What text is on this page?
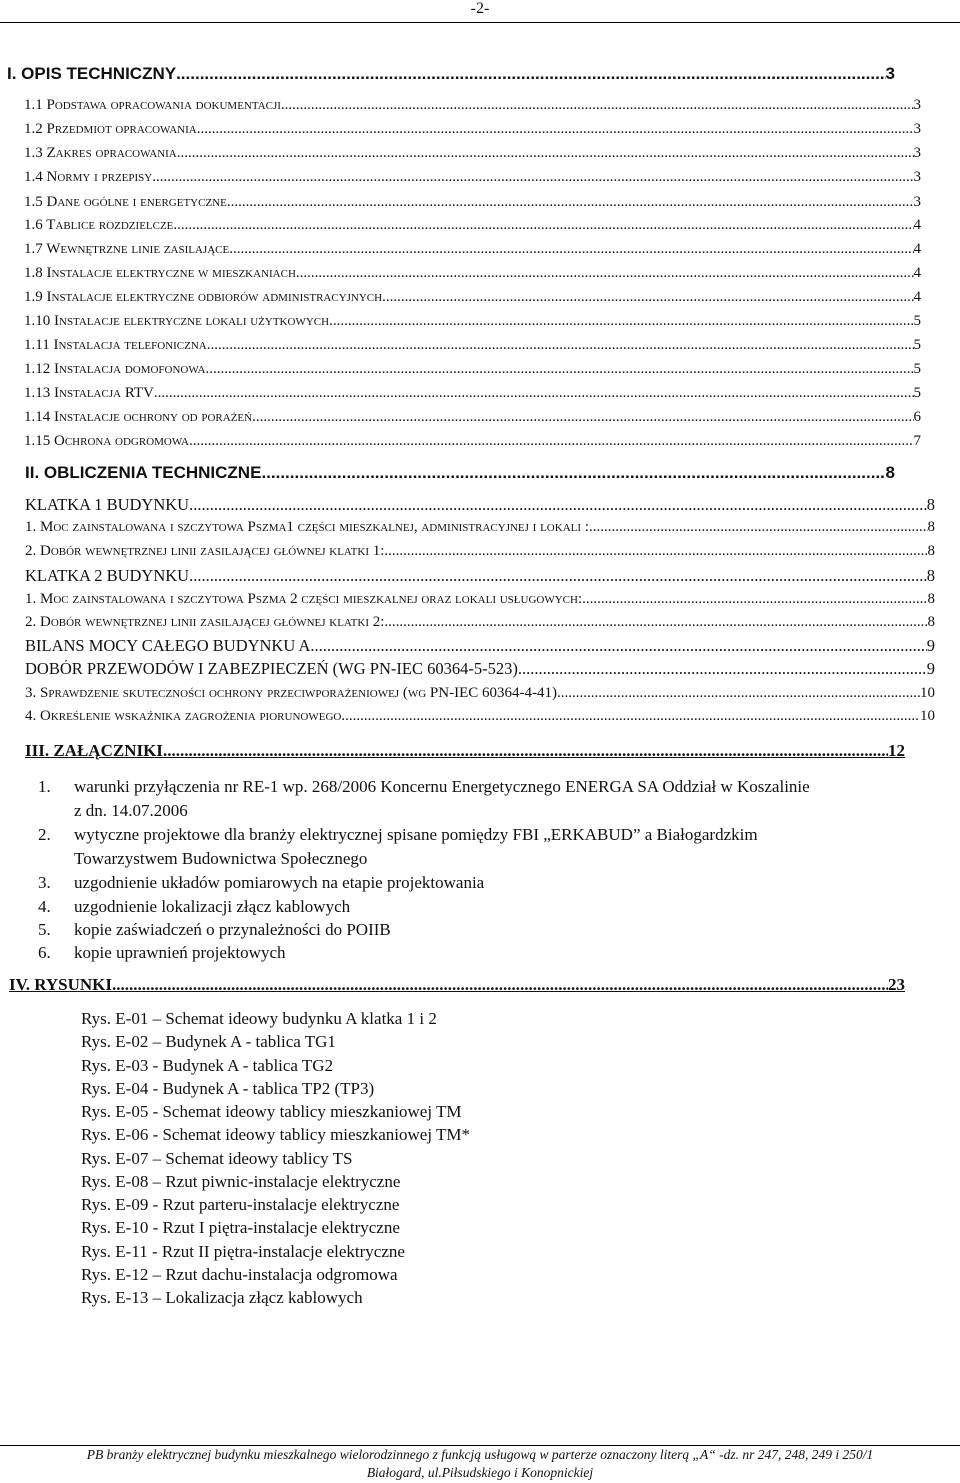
-2-
I. OPIS TECHNICZNY .....	3
1.1 Podstawa opracowania dokumentacji .....	3
1.2 Przedmiot opracowania .....	3
1.3 Zakres opracowania .....	3
1.4 Normy i przepisy .....	3
1.5 Dane ogólne i energetyczne .....	3
1.6 Tablice rozdzielcze .....	4
1.7 Wewnętrzne linie zasilające .....	4
1.8 Instalacje elektryczne w mieszkaniach .....	4
1.9 Instalacje elektryczne odbiorów administracyjnych .....	4
1.10 Instalacje elektryczne lokali użytkowych .....	5
1.11 Instalacja telefoniczna .....	5
1.12 Instalacja domofonowa .....	5
1.13 Instalacja RTV .....	5
1.14 Instalacje ochrony od porażeń .....	6
1.15 Ochrona odgromowa .....	7
II. OBLICZENIA TECHNICZNE .....	8
KLATKA 1 BUDYNKU .....	8
1. Moc zainstalowana i szczytowa Pszma1 części mieszkalnej, administracyjnej i lokali : .....	8
2. Dobór wewnętrznej linii zasilającej głównej klatki 1: .....	8
KLATKA 2 BUDYNKU .....	8
1. Moc zainstalowana i szczytowa Pszma 2 części mieszkalnej oraz lokali usługowych: .....	8
2. Dobór wewnętrznej linii zasilającej głównej klatki 2: .....	8
BILANS MOCY CAŁEGO BUDYNKU A .....	9
DOBÓR PRZEWODÓW I ZABEZPIECZEŃ (WG PN-IEC 60364-5-523) .....	9
3. Sprawdzenie skuteczności ochrony przeciwporażeniowej (wg PN-IEC 60364-4-41) .....	10
4. Określenie wskaźnika zagrożenia piorunowego .....	10
III. ZAŁĄCZNIKI .....	12
1. warunki przyłączenia nr RE-1 wp. 268/2006 Koncernu Energetycznego ENERGA SA Oddział w Koszalinie
z dn. 14.07.2006
2. wytyczne projektowe dla branży elektrycznej spisane pomiędzy FBI „ERKABUD” a Białogardzkim
Towarzystwem Budownictwa Społecznego
3. uzgodnienie układów pomiarowych na etapie projektowania
4. uzgodnienie lokalizacji złącz kablowych
5. kopie zaświadczeń o przynależności do POIIB
6. kopie uprawnień projektowych
IV. RYSUNKI .....	23
Rys. E-01 – Schemat ideowy budynku A klatka 1 i 2
Rys. E-02 – Budynek A - tablica TG1
Rys. E-03 - Budynek A - tablica TG2
Rys. E-04 - Budynek A - tablica TP2 (TP3)
Rys. E-05 - Schemat ideowy tablicy mieszkaniowej TM
Rys. E-06 - Schemat ideowy tablicy mieszkaniowej TM*
Rys. E-07 – Schemat ideowy tablicy TS
Rys. E-08 – Rzut piwnic-instalacje elektryczne
Rys. E-09 - Rzut parteru-instalacje elektryczne
Rys. E-10 - Rzut I piętra-instalacje elektryczne
Rys. E-11 - Rzut II piętra-instalacje elektryczne
Rys. E-12 – Rzut dachu-instalacja odgromowa
Rys. E-13 – Lokalizacja złącz kablowych
PB branży elektrycznej budynku mieszkalnego wielorodzinnego z funkcją usługową w parterze oznaczony literą „A“ -dz. nr 247, 248, 249 i 250/1
Białogard, ul.Piłsudskiego i Konopnickiej
